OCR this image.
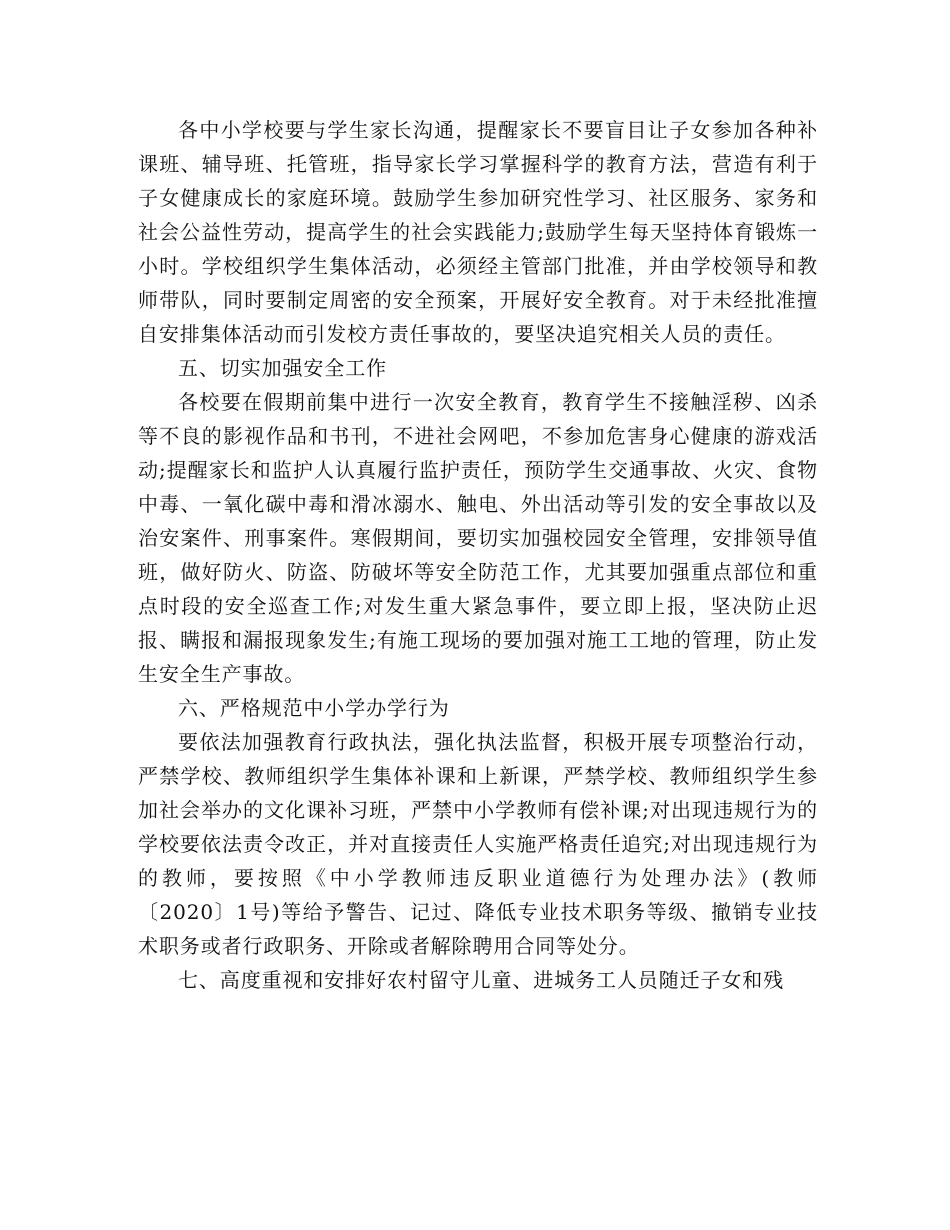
各中小学校要与学生家长沟通，提醒家长不要盲目让子女参加各种补课班、辅导班、托管班，指导家长学习掌握科学的教育方法，营造有利于子女健康成长的家庭环境。鼓励学生参加研究性学习、社区服务、家务和社会公益性劳动，提高学生的社会实践能力;鼓励学生每天坚持体育锻炼一小时。学校组织学生集体活动，必须经主管部门批准，并由学校领导和教师带队，同时要制定周密的安全预案，开展好安全教育。对于未经批准擅自安排集体活动而引发校方责任事故的，要坚决追究相关人员的责任。

五、切实加强安全工作

各校要在假期前集中进行一次安全教育，教育学生不接触淫秽、凶杀等不良的影视作品和书刊，不进社会网吧，不参加危害身心健康的游戏活动;提醒家长和监护人认真履行监护责任，预防学生交通事故、火灾、食物中毒、一氧化碳中毒和滑冰溺水、触电、外出活动等引发的安全事故以及治安案件、刑事案件。寒假期间，要切实加强校园安全管理，安排领导值班，做好防火、防盗、防破坏等安全防范工作，尤其要加强重点部位和重点时段的安全巡查工作;对发生重大紧急事件，要立即上报，坚决防止迟报、瞒报和漏报现象发生;有施工现场的要加强对施工工地的管理，防止发生安全生产事故。

六、严格规范中小学办学行为

要依法加强教育行政执法，强化执法监督，积极开展专项整治行动，严禁学校、教师组织学生集体补课和上新课，严禁学校、教师组织学生参加社会举办的文化课补习班，严禁中小学教师有偿补课;对出现违规行为的学校要依法责令改正，并对直接责任人实施严格责任追究;对出现违规行为的教师，要按照《中小学教师违反职业道德行为处理办法》(教师〔2020〕1号)等给予警告、记过、降低专业技术职务等级、撤销专业技术职务或者行政职务、开除或者解除聘用合同等处分。

七、高度重视和安排好农村留守儿童、进城务工人员随迁子女和残
